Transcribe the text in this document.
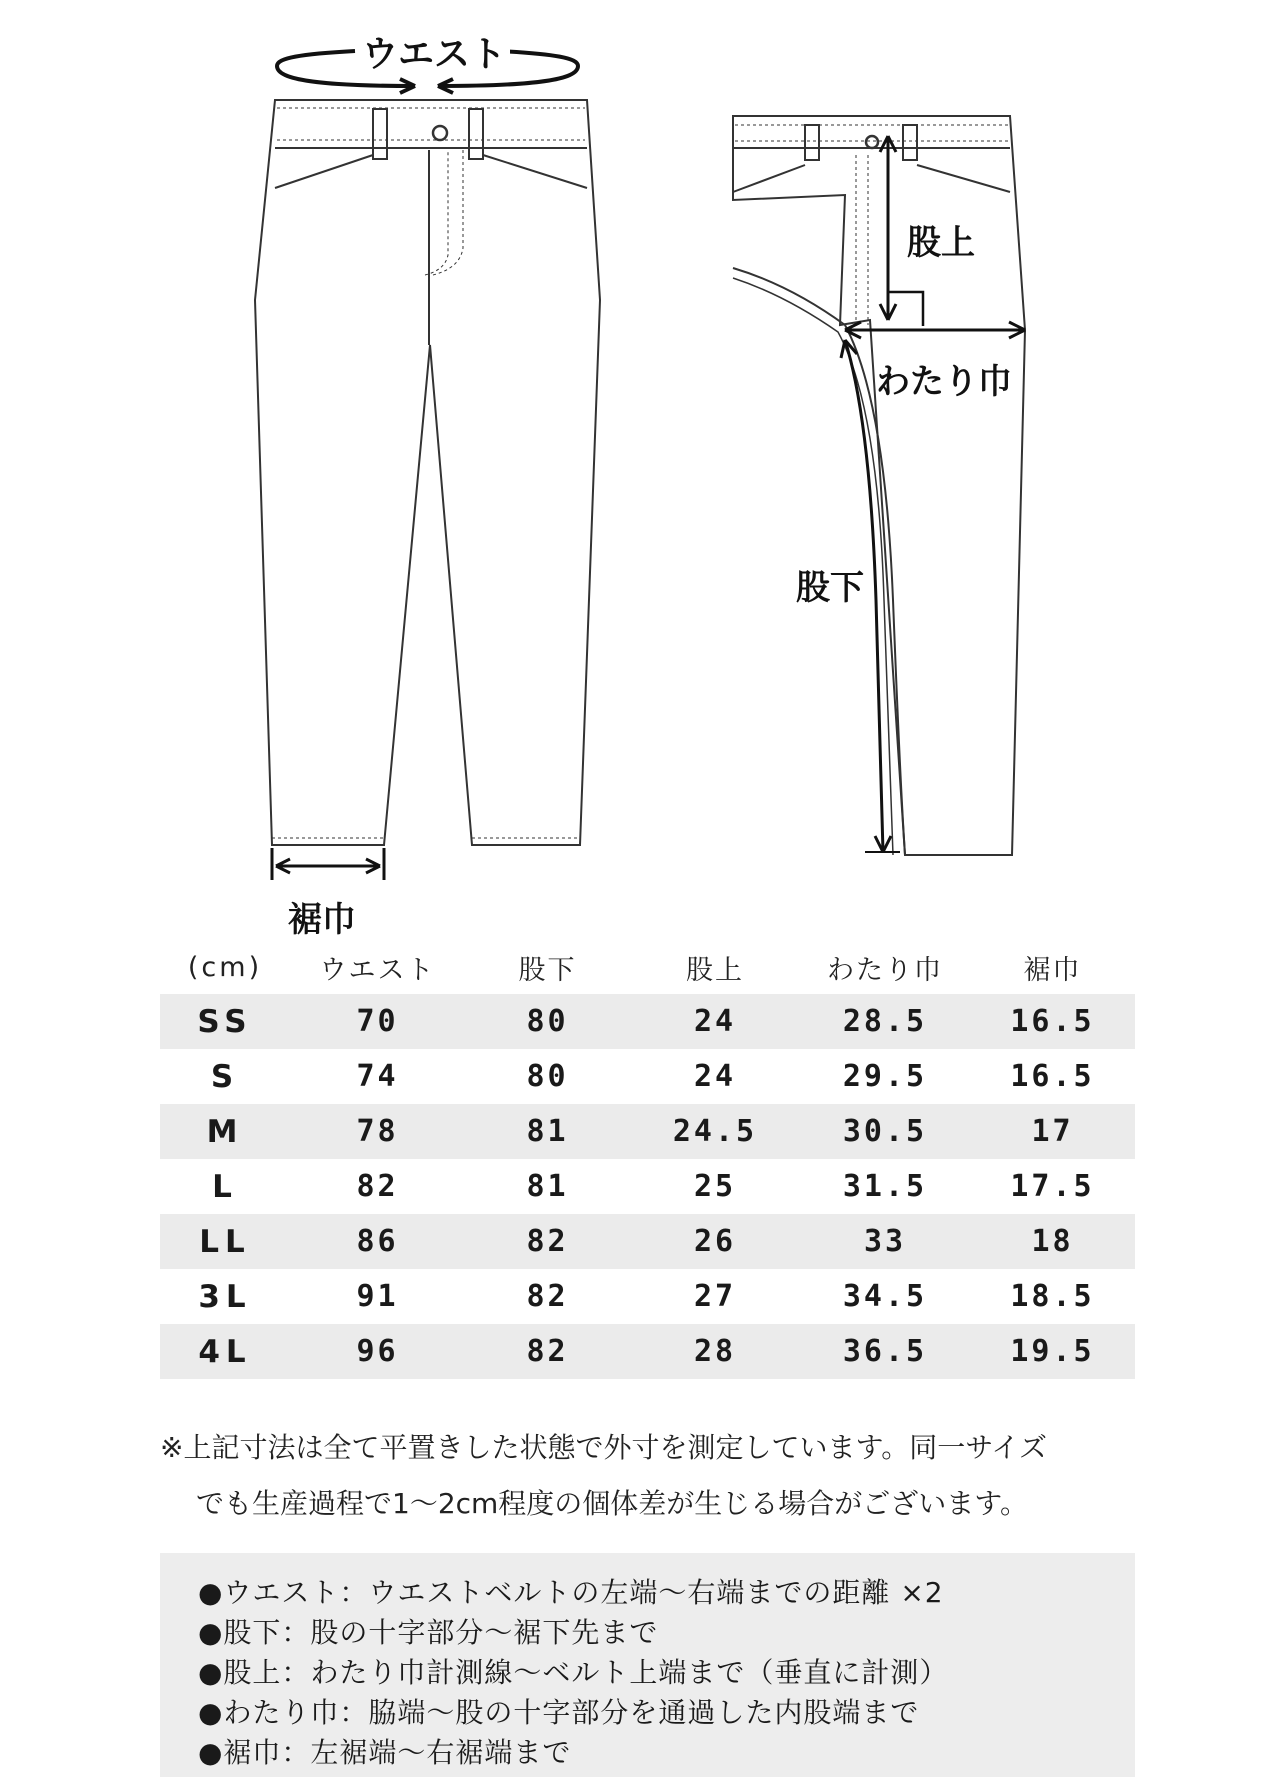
ウエスト
裾巾
股上
わたり巾
股下
(cm)	ウエスト	股下	股上	わたり巾	裾巾
SS	70	80	24	28.5	16.5
S	74	80	24	29.5	16.5
M	78	81	24.5	30.5	17
L	82	81	25	31.5	17.5
LL	86	82	26	33	18
3L	91	82	27	34.5	18.5
4L	96	82	28	36.5	19.5
※上記寸法は全て平置きした状態で外寸を測定しています。同一サイズ
でも生産過程で1～2cm程度の個体差が生じる場合がございます。
●ウエスト：ウエストベルトの左端～右端までの距離 ×2
●股下：股の十字部分～裾下先まで
●股上：わたり巾計測線～ベルト上端まで（垂直に計測）
●わたり巾：脇端～股の十字部分を通過した内股端まで
●裾巾：左裾端～右裾端まで
